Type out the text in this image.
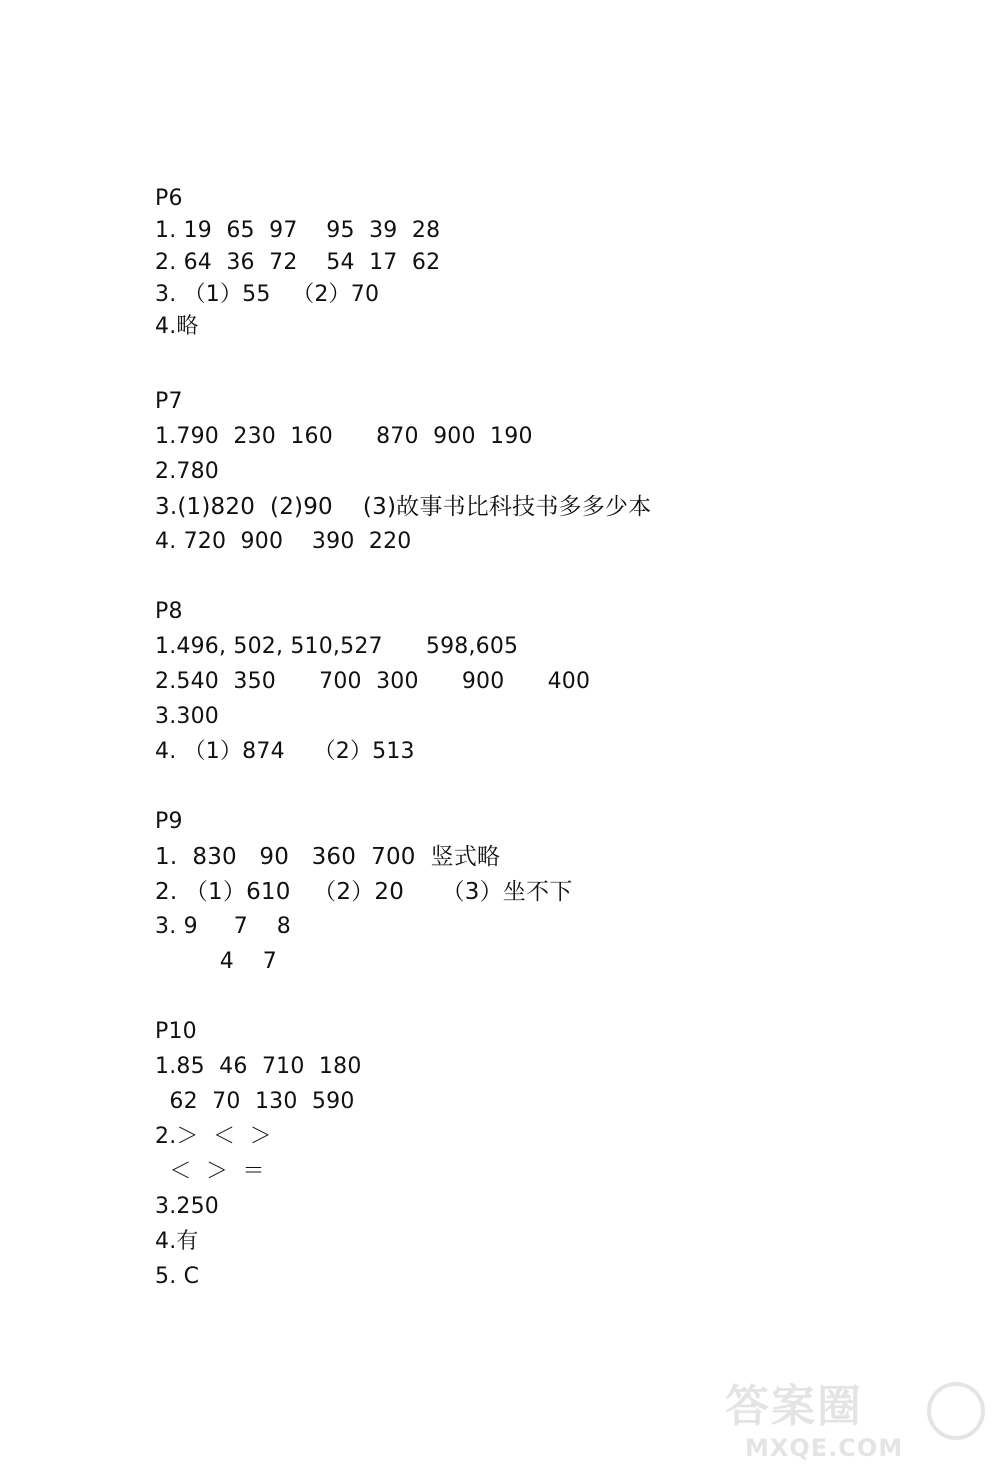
P6
1. 19  65  97    95  39  28
2. 64  36  72    54  17  62
3. （1）55   （2）70
4.略
P7
1.790  230  160      870  900  190
2.780
3.(1)820  (2)90    (3)故事书比科技书多多少本
4. 720  900    390  220
P8
1.496, 502, 510,527      598,605
2.540  350      700  300      900      400
3.300
4. （1）874    （2）513
P9
1.  830   90   360  700  竖式略
2. （1）610   （2）20     （3）坐不下
3. 9     7    8
4    7
P10
1.85  46  710  180
62  70  130  590
2.＞  ＜  ＞
＜  ＞  ＝
3.250
4.有
5. C
答案圈
MXQE.COM
